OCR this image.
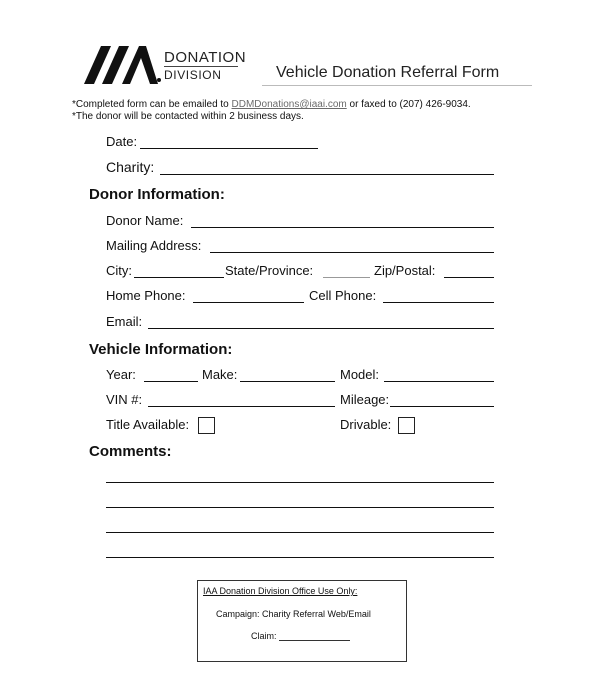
DONATION
DIVISION	Vehicle Donation Referral Form
*Completed form can be emailed to DDMDonations@iaai.com or faxed to (207) 426-9034.
*The donor will be contacted within 2 business days.
Date:
Charity:
Donor Information:
Donor Name:
Mailing Address:
City:	State/Province:	Zip/Postal:
Home Phone:	Cell Phone:
Email:
Vehicle Information:
Year:	Make:	Model:
VIN #:	Mileage:
Title Available:	Drivable:
Comments:
IAA Donation Division Office Use Only:
Campaign: Charity Referral Web/Email
Claim:
